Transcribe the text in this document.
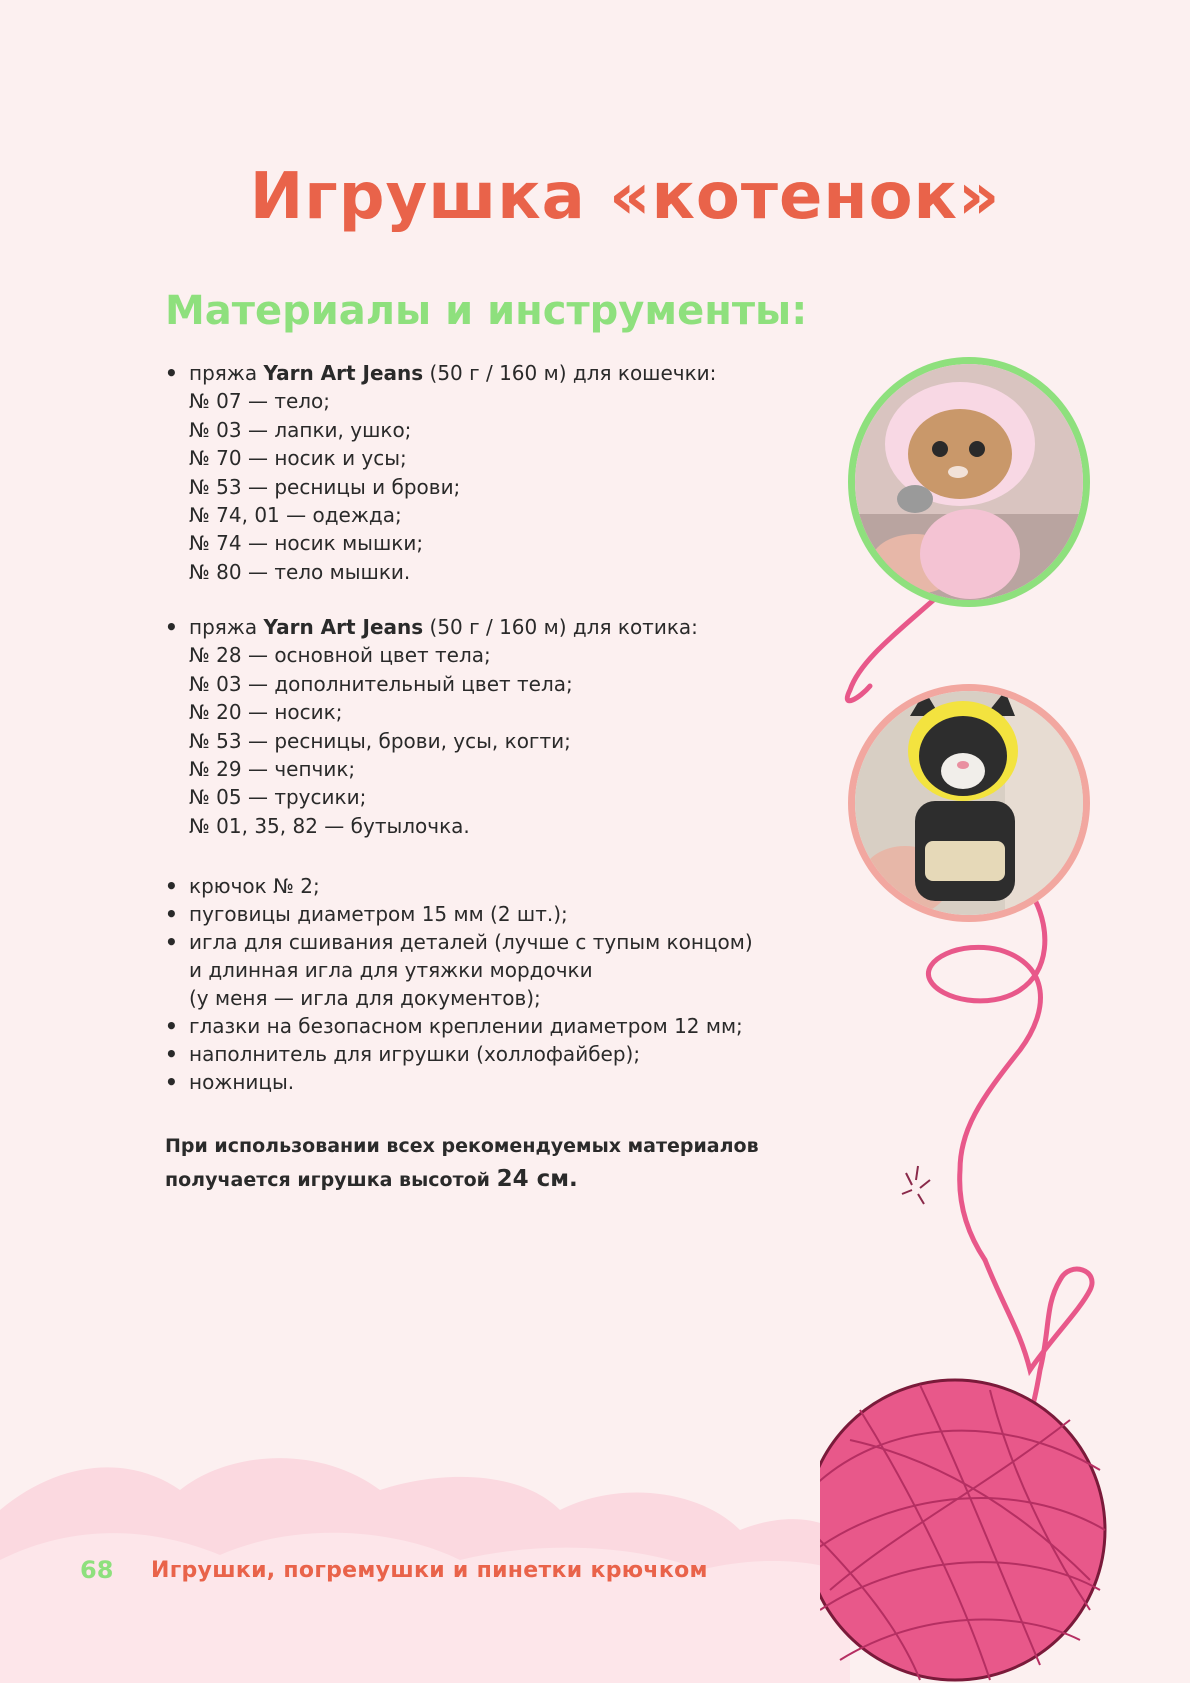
Игрушка «котенок»
Материалы и инструменты:
• пряжа Yarn Art Jeans (50 г / 160 м) для кошечки:
№ 07 — тело;
№ 03 — лапки, ушко;
№ 70 — носик и усы;
№ 53 — ресницы и брови;
№ 74, 01 — одежда;
№ 74 — носик мышки;
№ 80 — тело мышки.
• пряжа Yarn Art Jeans (50 г / 160 м) для котика:
№ 28 — основной цвет тела;
№ 03 — дополнительный цвет тела;
№ 20 — носик;
№ 53 — ресницы, брови, усы, когти;
№ 29 — чепчик;
№ 05 — трусики;
№ 01, 35, 82 — бутылочка.
• крючок № 2;
• пуговицы диаметром 15 мм (2 шт.);
• игла для сшивания деталей (лучше с тупым концом)
и длинная игла для утяжки мордочки
(у меня — игла для документов);
• глазки на безопасном креплении диаметром 12 мм;
• наполнитель для игрушки (холлофайбер);
• ножницы.

При использовании всех рекомендуемых материалов
получается игрушка высотой 24 см.

68 Игрушки, погремушки и пинетки крючком
